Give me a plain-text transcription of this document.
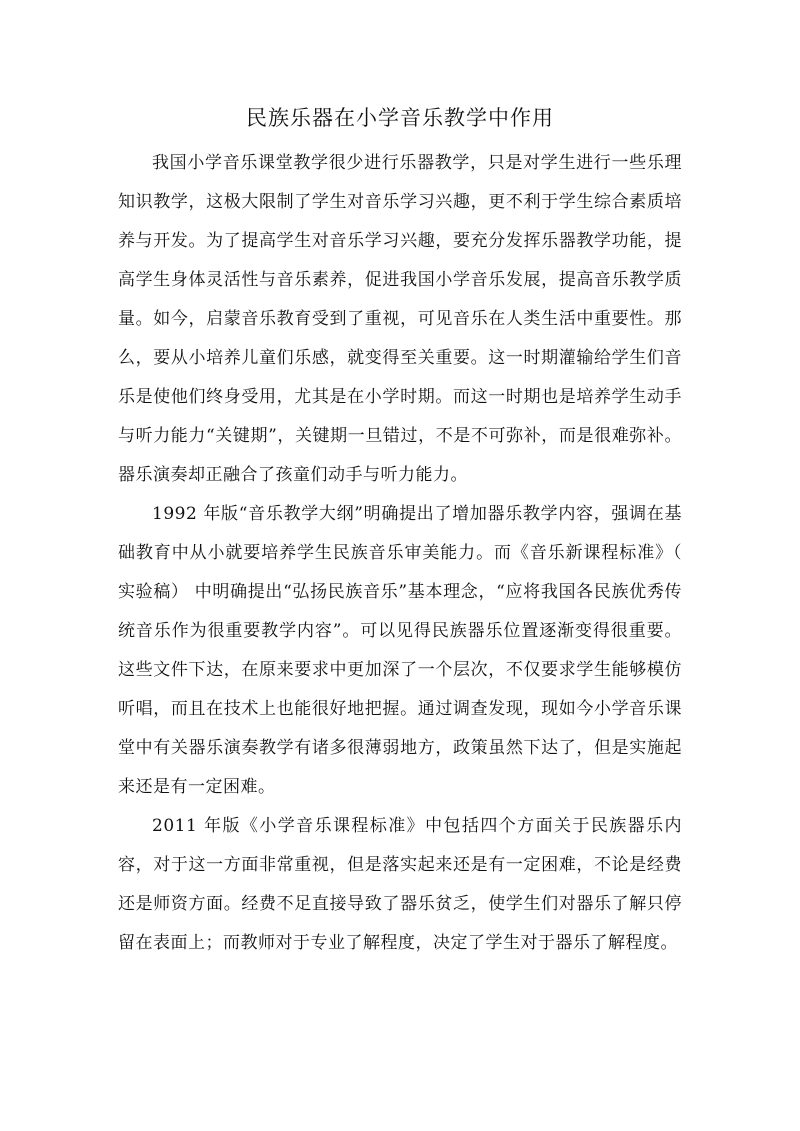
民族乐器在小学音乐教学中作用

我国小学音乐课堂教学很少进行乐器教学，只是对学生进行一些乐理知识教学，这极大限制了学生对音乐学习兴趣，更不利于学生综合素质培养与开发。为了提高学生对音乐学习兴趣，要充分发挥乐器教学功能，提高学生身体灵活性与音乐素养，促进我国小学音乐发展，提高音乐教学质量。如今，启蒙音乐教育受到了重视，可见音乐在人类生活中重要性。那么，要从小培养儿童们乐感，就变得至关重要。这一时期灌输给学生们音乐是使他们终身受用，尤其是在小学时期。而这一时期也是培养学生动手与听力能力“关键期”，关键期一旦错过，不是不可弥补，而是很难弥补。器乐演奏却正融合了孩童们动手与听力能力。

1992 年版“音乐教学大纲”明确提出了增加器乐教学内容，强调在基础教育中从小就要培养学生民族音乐审美能力。而《音乐新课程标准》（ 实验稿） 中明确提出“弘扬民族音乐”基本理念，“应将我国各民族优秀传统音乐作为很重要教学内容”。可以见得民族器乐位置逐渐变得很重要。这些文件下达，在原来要求中更加深了一个层次，不仅要求学生能够模仿听唱，而且在技术上也能很好地把握。通过调查发现，现如今小学音乐课堂中有关器乐演奏教学有诸多很薄弱地方，政策虽然下达了，但是实施起来还是有一定困难。

2011 年版《小学音乐课程标准》中包括四个方面关于民族器乐内容，对于这一方面非常重视，但是落实起来还是有一定困难，不论是经费还是师资方面。经费不足直接导致了器乐贫乏，使学生们对器乐了解只停留在表面上；而教师对于专业了解程度，决定了学生对于器乐了解程度。
